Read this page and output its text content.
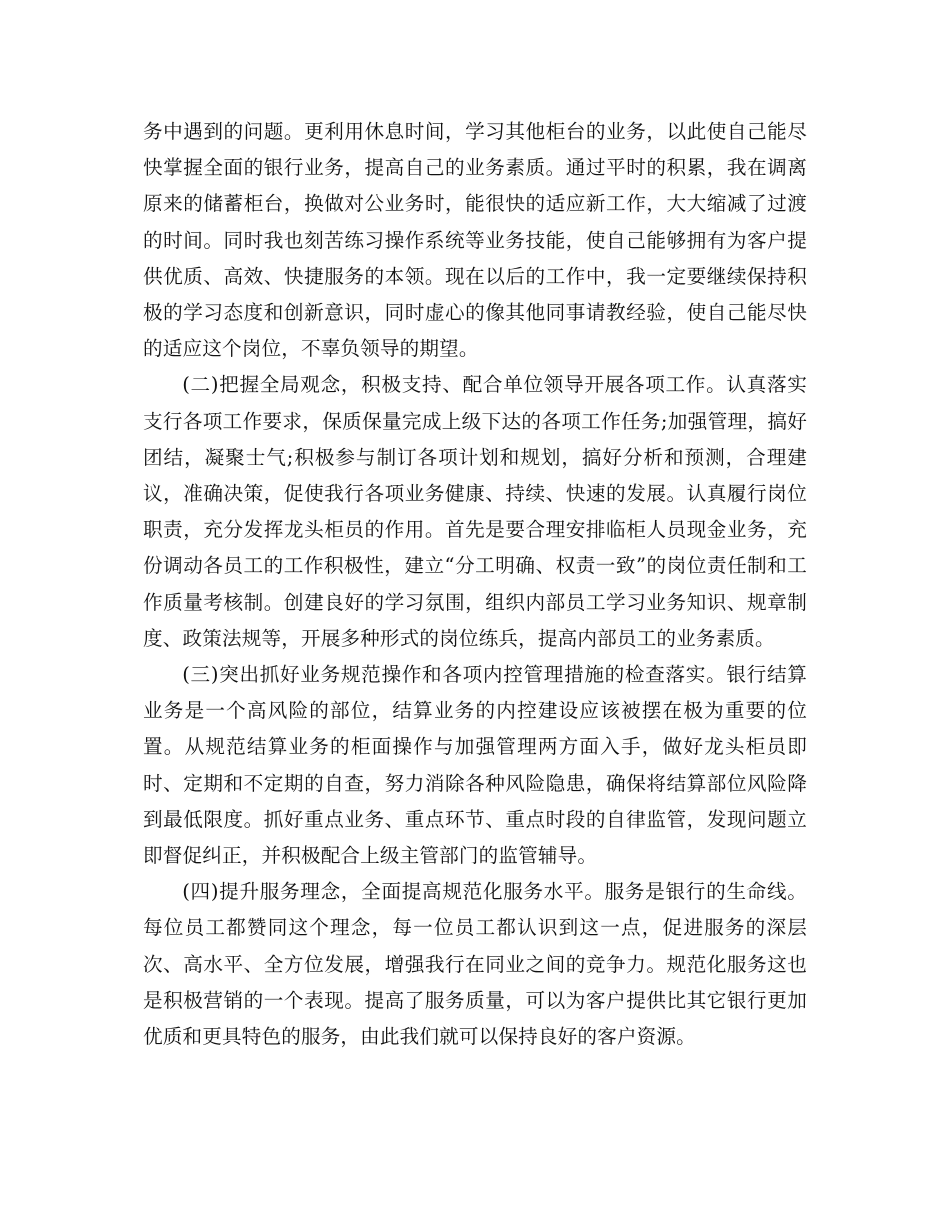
务中遇到的问题。更利用休息时间，学习其他柜台的业务，以此使自己能尽快掌握全面的银行业务，提高自己的业务素质。通过平时的积累，我在调离原来的储蓄柜台，换做对公业务时，能很快的适应新工作，大大缩减了过渡的时间。同时我也刻苦练习操作系统等业务技能，使自己能够拥有为客户提供优质、高效、快捷服务的本领。现在以后的工作中，我一定要继续保持积极的学习态度和创新意识，同时虚心的像其他同事请教经验，使自己能尽快的适应这个岗位，不辜负领导的期望。

(二)把握全局观念，积极支持、配合单位领导开展各项工作。认真落实支行各项工作要求，保质保量完成上级下达的各项工作任务;加强管理，搞好团结，凝聚士气;积极参与制订各项计划和规划，搞好分析和预测，合理建议，准确决策，促使我行各项业务健康、持续、快速的发展。认真履行岗位职责，充分发挥龙头柜员的作用。首先是要合理安排临柜人员现金业务，充份调动各员工的工作积极性，建立“分工明确、权责一致”的岗位责任制和工作质量考核制。创建良好的学习氛围，组织内部员工学习业务知识、规章制度、政策法规等，开展多种形式的岗位练兵，提高内部员工的业务素质。

(三)突出抓好业务规范操作和各项内控管理措施的检查落实。银行结算业务是一个高风险的部位，结算业务的内控建设应该被摆在极为重要的位置。从规范结算业务的柜面操作与加强管理两方面入手，做好龙头柜员即时、定期和不定期的自查，努力消除各种风险隐患，确保将结算部位风险降到最低限度。抓好重点业务、重点环节、重点时段的自律监管，发现问题立即督促纠正，并积极配合上级主管部门的监管辅导。

(四)提升服务理念，全面提高规范化服务水平。服务是银行的生命线。每位员工都赞同这个理念，每一位员工都认识到这一点，促进服务的深层次、高水平、全方位发展，增强我行在同业之间的竞争力。规范化服务这也是积极营销的一个表现。提高了服务质量，可以为客户提供比其它银行更加优质和更具特色的服务，由此我们就可以保持良好的客户资源。
